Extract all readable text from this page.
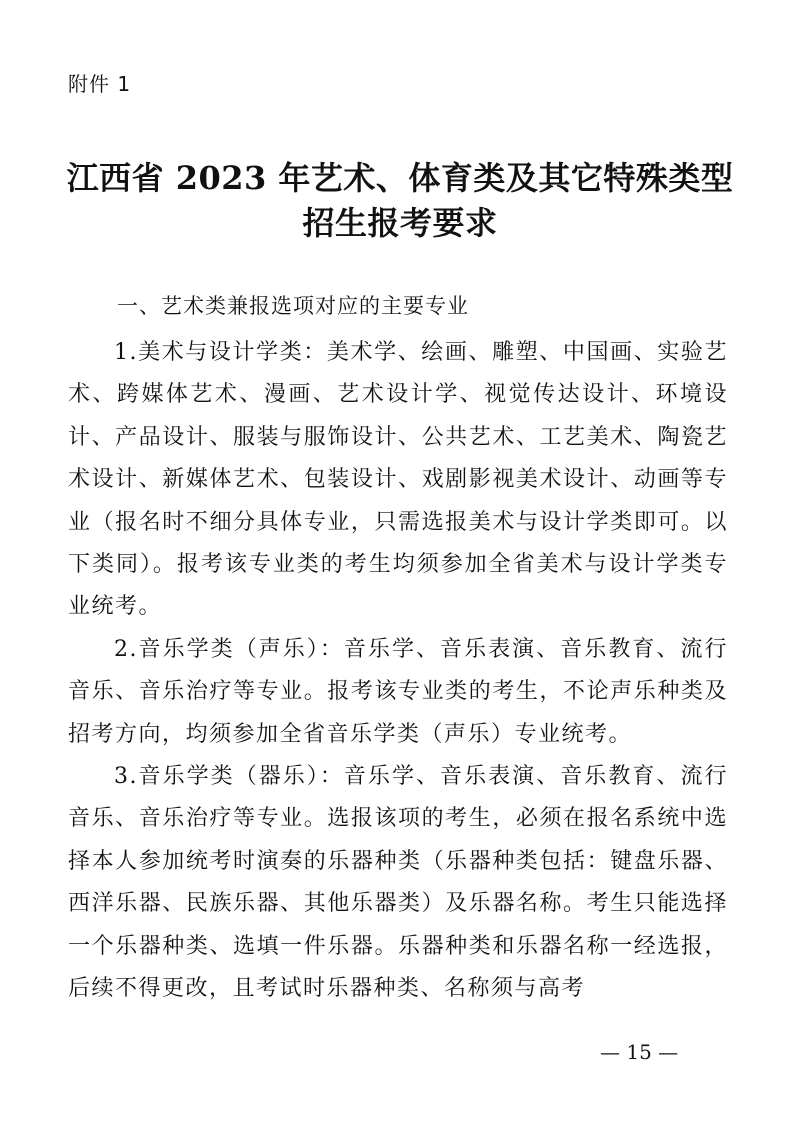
附件 1
江西省 2023 年艺术、体育类及其它特殊类型
招生报考要求
一、艺术类兼报选项对应的主要专业

1.美术与设计学类：美术学、绘画、雕塑、中国画、实验艺术、跨媒体艺术、漫画、艺术设计学、视觉传达设计、环境设计、产品设计、服装与服饰设计、公共艺术、工艺美术、陶瓷艺术设计、新媒体艺术、包装设计、戏剧影视美术设计、动画等专业（报名时不细分具体专业，只需选报美术与设计学类即可。以下类同）。报考该专业类的考生均须参加全省美术与设计学类专业统考。

2.音乐学类（声乐）：音乐学、音乐表演、音乐教育、流行音乐、音乐治疗等专业。报考该专业类的考生，不论声乐种类及招考方向，均须参加全省音乐学类（声乐）专业统考。

3.音乐学类（器乐）：音乐学、音乐表演、音乐教育、流行音乐、音乐治疗等专业。选报该项的考生，必须在报名系统中选择本人参加统考时演奏的乐器种类（乐器种类包括：键盘乐器、西洋乐器、民族乐器、其他乐器类）及乐器名称。考生只能选择一个乐器种类、选填一件乐器。乐器种类和乐器名称一经选报，后续不得更改，且考试时乐器种类、名称须与高考

— 15 —
